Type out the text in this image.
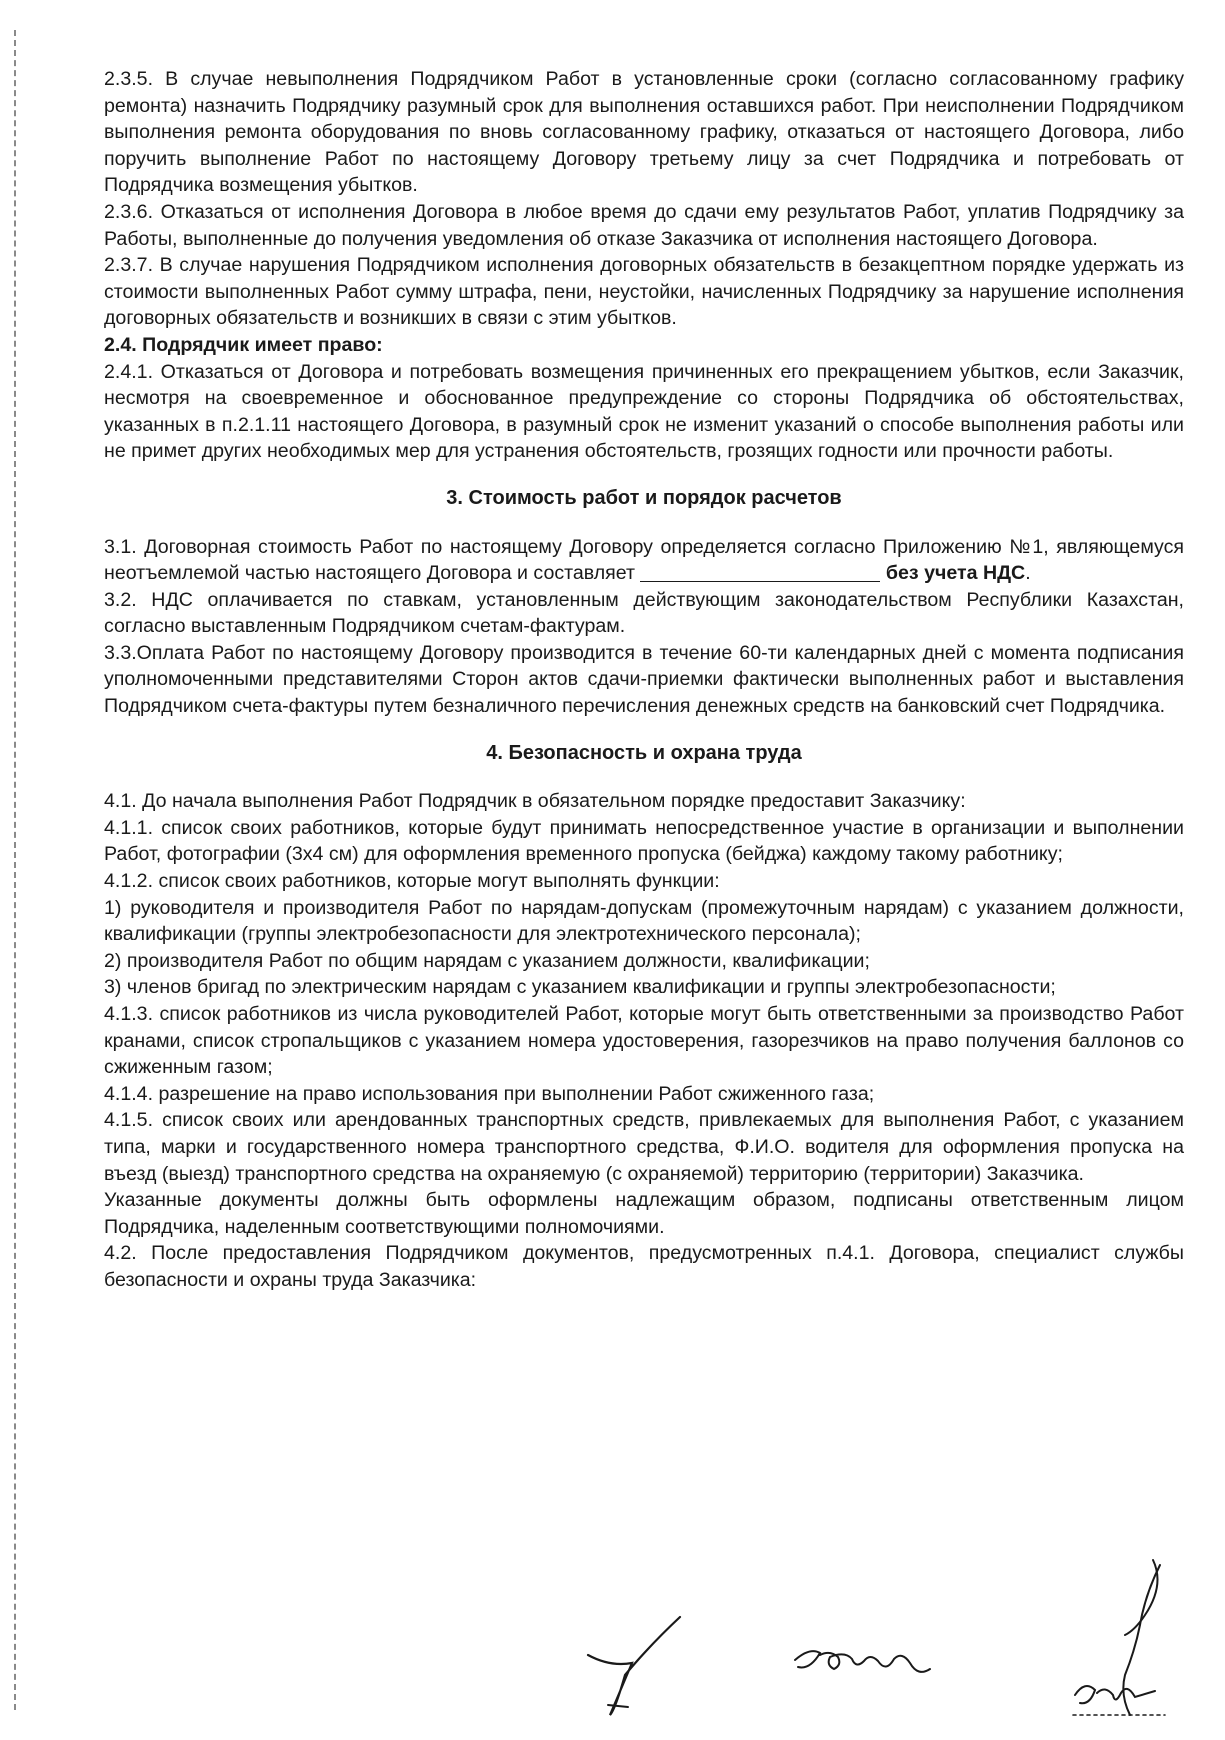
2.3.5. В случае невыполнения Подрядчиком Работ в установленные сроки (согласно согласованному графику ремонта) назначить Подрядчику разумный срок для выполнения оставшихся работ. При неисполнении Подрядчиком выполнения ремонта оборудования по вновь согласованному графику, отказаться от настоящего Договора, либо поручить выполнение Работ по настоящему Договору третьему лицу за счет Подрядчика и потребовать от Подрядчика возмещения убытков.

2.3.6. Отказаться от исполнения Договора в любое время до сдачи ему результатов Работ, уплатив Подрядчику за Работы, выполненные до получения уведомления об отказе Заказчика от исполнения настоящего Договора.

2.3.7. В случае нарушения Подрядчиком исполнения договорных обязательств в безакцептном порядке удержать из стоимости выполненных Работ сумму штрафа, пени, неустойки, начисленных Подрядчику за нарушение исполнения договорных обязательств и возникших в связи с этим убытков.

2.4. Подрядчик имеет право:

2.4.1. Отказаться от Договора и потребовать возмещения причиненных его прекращением убытков, если Заказчик, несмотря на своевременное и обоснованное предупреждение со стороны Подрядчика об обстоятельствах, указанных в п.2.1.11 настоящего Договора, в разумный срок не изменит указаний о способе выполнения работы или не примет других необходимых мер для устранения обстоятельств, грозящих годности или прочности работы.

3. Стоимость работ и порядок расчетов

3.1. Договорная стоимость Работ по настоящему Договору определяется согласно Приложению №1, являющемуся неотъемлемой частью настоящего Договора и составляет	без учета НДС.

3.2. НДС оплачивается по ставкам, установленным действующим законодательством Республики Казахстан, согласно выставленным Подрядчиком счетам-фактурам.

3.3.Оплата Работ по настоящему Договору производится в течение 60-ти календарных дней с момента подписания уполномоченными представителями Сторон актов сдачи-приемки фактически выполненных работ и выставления Подрядчиком счета-фактуры путем безналичного перечисления денежных средств на банковский счет Подрядчика.

4. Безопасность и охрана труда

4.1. До начала выполнения Работ Подрядчик в обязательном порядке предоставит Заказчику:

4.1.1. список своих работников, которые будут принимать непосредственное участие в организации и выполнении Работ, фотографии (3x4 см) для оформления временного пропуска (бейджа) каждому такому работнику;

4.1.2. список своих работников, которые могут выполнять функции:

1) руководителя и производителя Работ по нарядам-допускам (промежуточным нарядам) с указанием должности, квалификации (группы электробезопасности для электротехнического персонала);

2) производителя Работ по общим нарядам с указанием должности, квалификации;

3) членов бригад по электрическим нарядам с указанием квалификации и группы электробезопасности;

4.1.3. список работников из числа руководителей Работ, которые могут быть ответственными за производство Работ кранами, список стропальщиков с указанием номера удостоверения, газорезчиков на право получения баллонов со сжиженным газом;

4.1.4. разрешение на право использования при выполнении Работ сжиженного газа;

4.1.5. список своих или арендованных транспортных средств, привлекаемых для выполнения Работ, с указанием типа, марки и государственного номера транспортного средства, Ф.И.О. водителя для оформления пропуска на въезд (выезд) транспортного средства на охраняемую (с охраняемой) территорию (территории) Заказчика.

Указанные документы должны быть оформлены надлежащим образом, подписаны ответственным лицом Подрядчика, наделенным соответствующими полномочиями.

4.2. После предоставления Подрядчиком документов, предусмотренных п.4.1. Договора, специалист службы безопасности и охраны труда Заказчика:
